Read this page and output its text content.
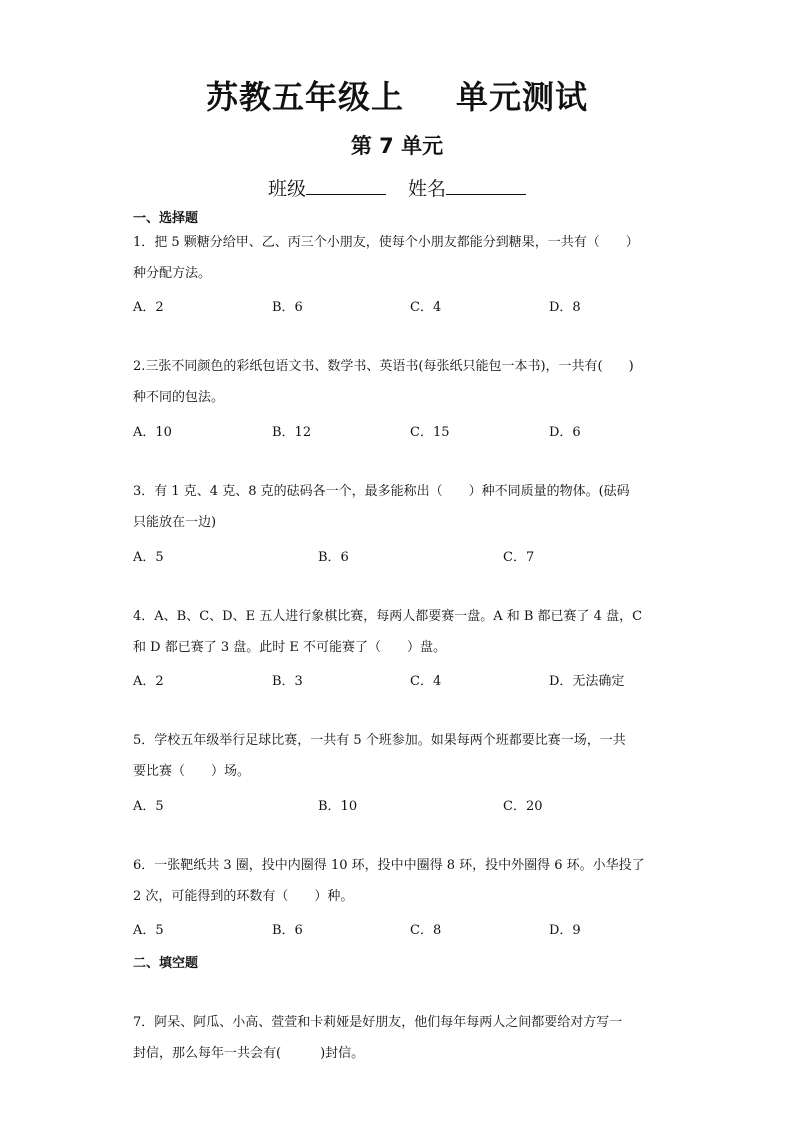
苏教五年级上 单元测试
第 7 单元
班级	姓名
一、选择题
1．把 5 颗糖分给甲、乙、丙三个小朋友，使每个小朋友都能分到糖果，一共有（　　）
种分配方法。
A．2	B．6	C．4	D．8
2.三张不同颜色的彩纸包语文书、数学书、英语书(每张纸只能包一本书)，一共有(　　)
种不同的包法。
A．10	B．12	C．15	D．6
3．有 1 克、4 克、8 克的砝码各一个，最多能称出（　　）种不同质量的物体。(砝码
只能放在一边)
A．5	B．6	C．7
4．A、B、C、D、E 五人进行象棋比赛，每两人都要赛一盘。A 和 B 都已赛了 4 盘，C
和 D 都已赛了 3 盘。此时 E 不可能赛了（　　）盘。
A．2	B．3	C．4	D．无法确定
5．学校五年级举行足球比赛，一共有 5 个班参加。如果每两个班都要比赛一场，一共
要比赛（　　）场。
A．5	B．10	C．20
6．一张靶纸共 3 圈，投中内圈得 10 环，投中中圈得 8 环，投中外圈得 6 环。小华投了
2 次，可能得到的环数有（　　）种。
A．5	B．6	C．8	D．9
二、填空题
7．阿呆、阿瓜、小高、萱萱和卡莉娅是好朋友，他们每年每两人之间都要给对方写一
封信，那么每年一共会有(　　　)封信。
